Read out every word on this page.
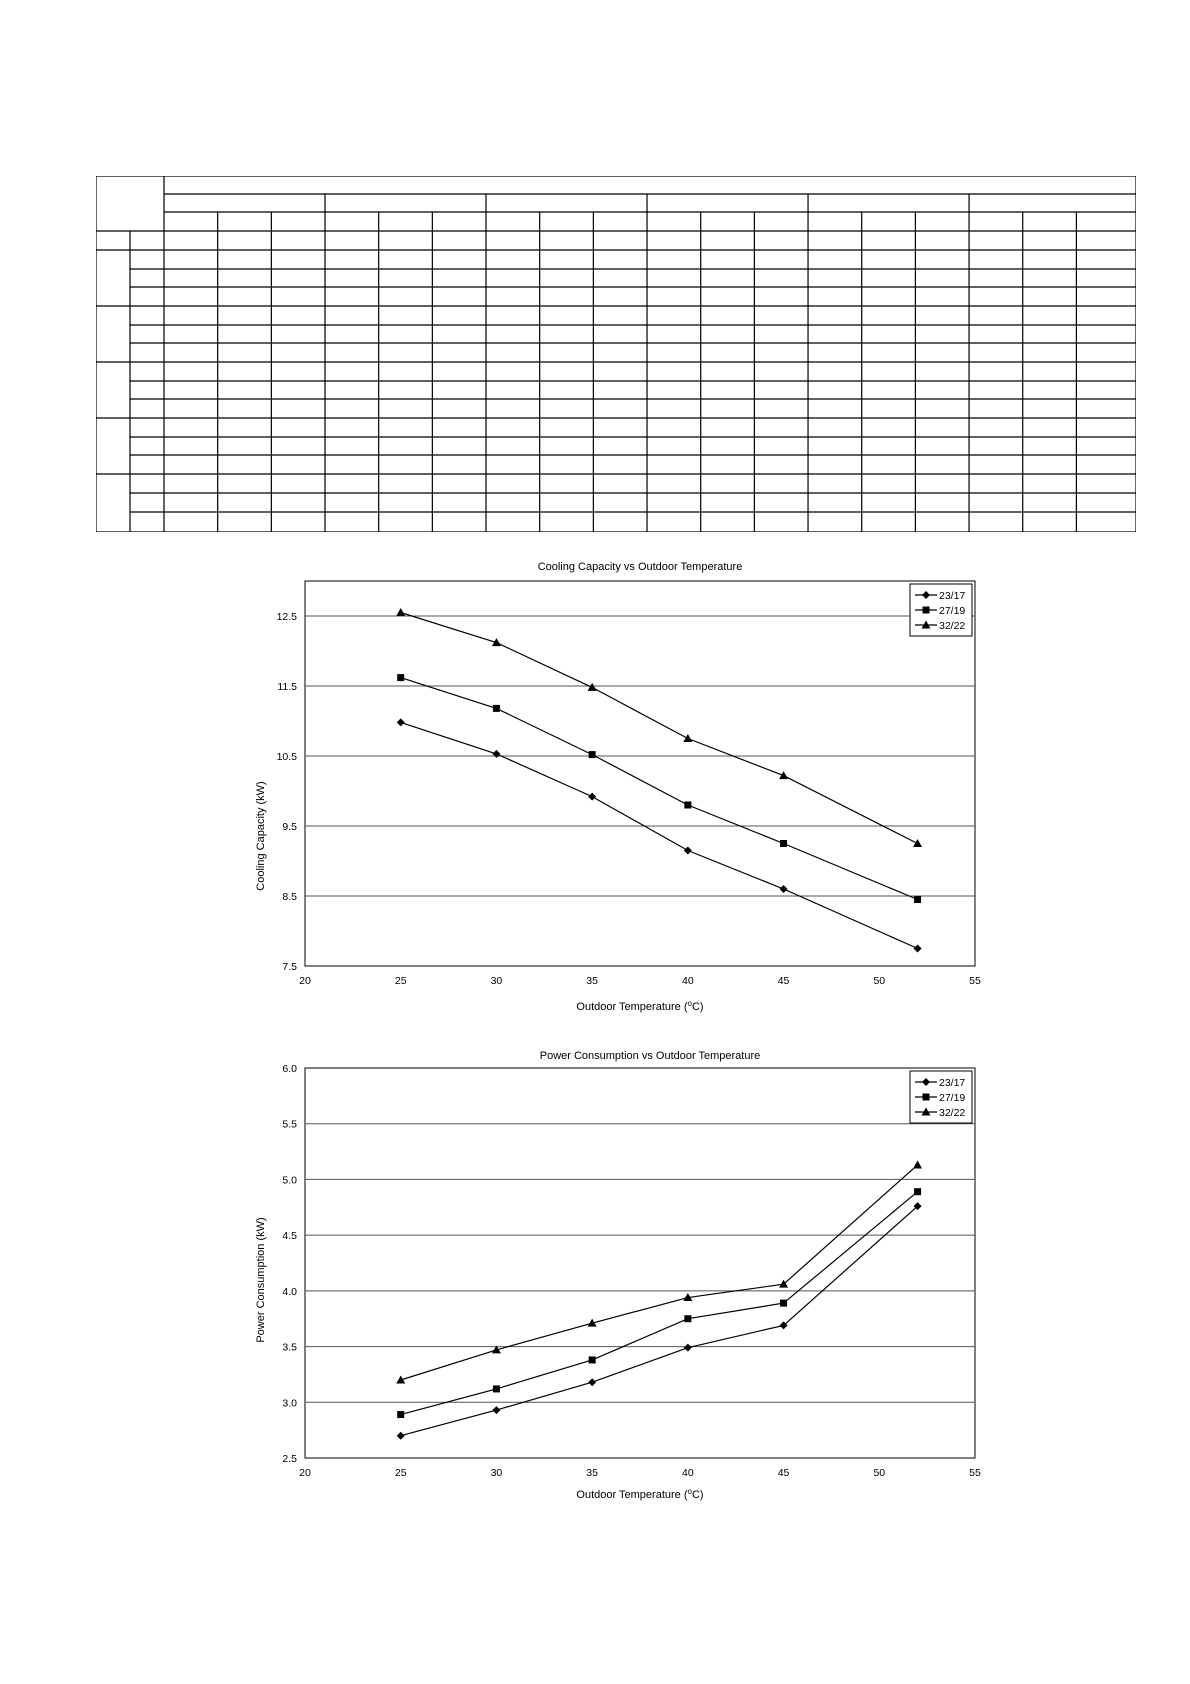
Cooling Capacity vs Outdoor Temperature
Cooling Capacity (kW)
Outdoor Temperature ($^o$C)
7.5
8.5
9.5
10.5
11.5
12.5
20	25	30	35	40	45	50	55
23/17
27/19
32/22
Power Consumption vs Outdoor Temperature
Power Consumption (kW)
Outdoor Temperature ($^o$C)
2.5
3.0
3.5
4.0
4.5
5.0
5.5
6.0
20	25	30	35	40	45	50	55
23/17
27/19
32/22
